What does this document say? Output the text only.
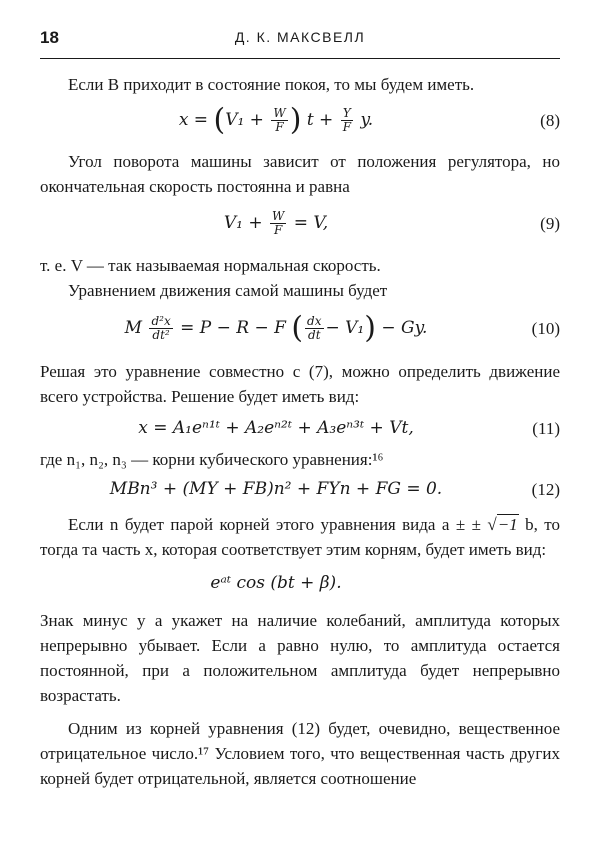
18	Д. К. МАКСВЕЛЛ

Если B приходит в состояние покоя, то мы будем иметь.

$x = (V_1 + \frac{W}{F}$ ) $t + \frac{Y}{F} y$.	(8)

Угол поворота машины зависит от положения регулятора, но окончательная скорость постоянна и равна

$V_1 + \frac{W}{F} = V$,	(9)

т. е. V — так называемая нормальная скорость.

Уравнением движения самой машины будет

M $\frac{\text{d²x}}{\text{dt²}} = P - R - F$ ( $\frac{dx}{dt} - V_1) - Gy$.	(10)

Решая это уравнение совместно с (7), можно определить движение всего устройства. Решение будет иметь вид:

x = A₁eⁿ¹ᵗ + A₂eⁿ²ᵗ + A₃eⁿ³ᵗ + Vt,	(11)

где n₁, n₂, n₃ — корни кубического уравнения:¹⁶

MBn³ + (MY + FB)n² + FYn + FG = 0.	(12)

Если n будет парой корней этого уравнения вида a ± ± √−1 b, то тогда та часть x, которая соответствует этим корням, будет иметь вид:

eᵃᵗ cos (bt + β).

Знак минус у a укажет на наличие колебаний, амплитуда которых непрерывно убывает. Если a равно нулю, то амплитуда остается постоянной, при a положительном амплитуда будет непрерывно возрастать.

Одним из корней уравнения (12) будет, очевидно, вещественное отрицательное число.¹⁷ Условием того, что вещественная часть других корней будет отрицательной, является соотношение
